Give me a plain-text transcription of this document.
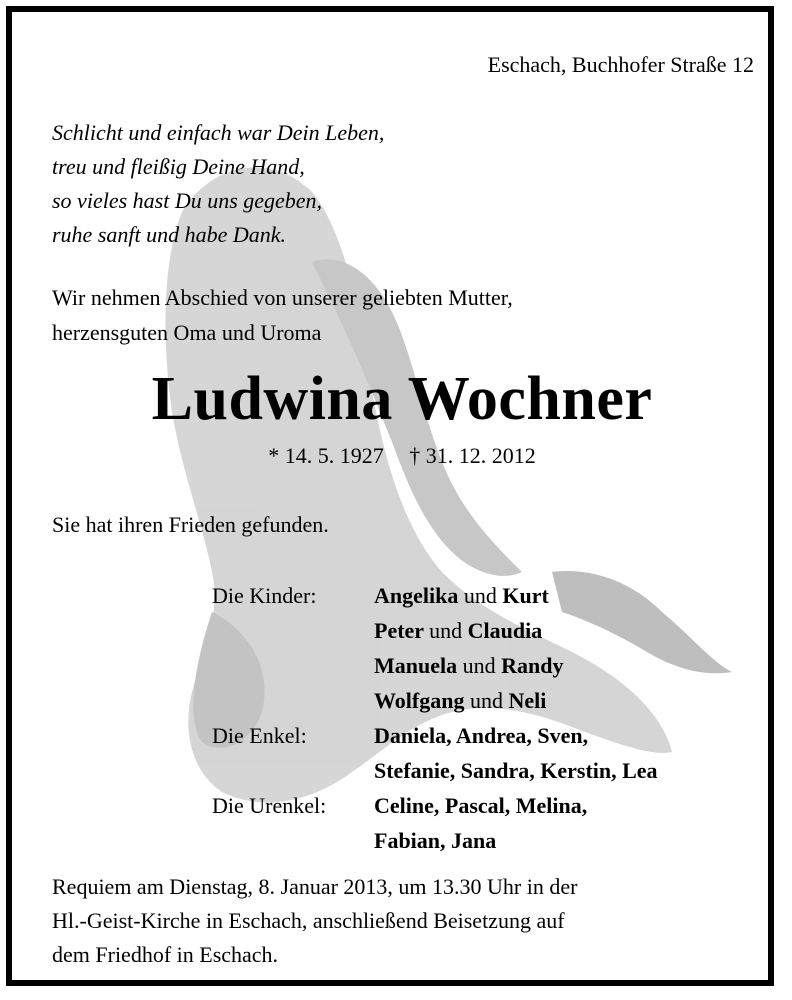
Eschach, Buchhofer Straße 12
Schlicht und einfach war Dein Leben,
treu und fleißig Deine Hand,
so vieles hast Du uns gegeben,
ruhe sanft und habe Dank.
Wir nehmen Abschied von unserer geliebten Mutter,
herzensguten Oma und Uroma
Ludwina Wochner
* 14. 5. 1927 † 31. 12. 2012
Sie hat ihren Frieden gefunden.
Die Kinder:	Angelika und Kurt
Peter und Claudia
Manuela und Randy
Wolfgang und Neli
Die Enkel:	Daniela, Andrea, Sven,
Stefanie, Sandra, Kerstin, Lea
Die Urenkel:	Celine, Pascal, Melina,
Fabian, Jana
Requiem am Dienstag, 8. Januar 2013, um 13.30 Uhr in der
Hl.-Geist-Kirche in Eschach, anschließend Beisetzung auf
dem Friedhof in Eschach.
